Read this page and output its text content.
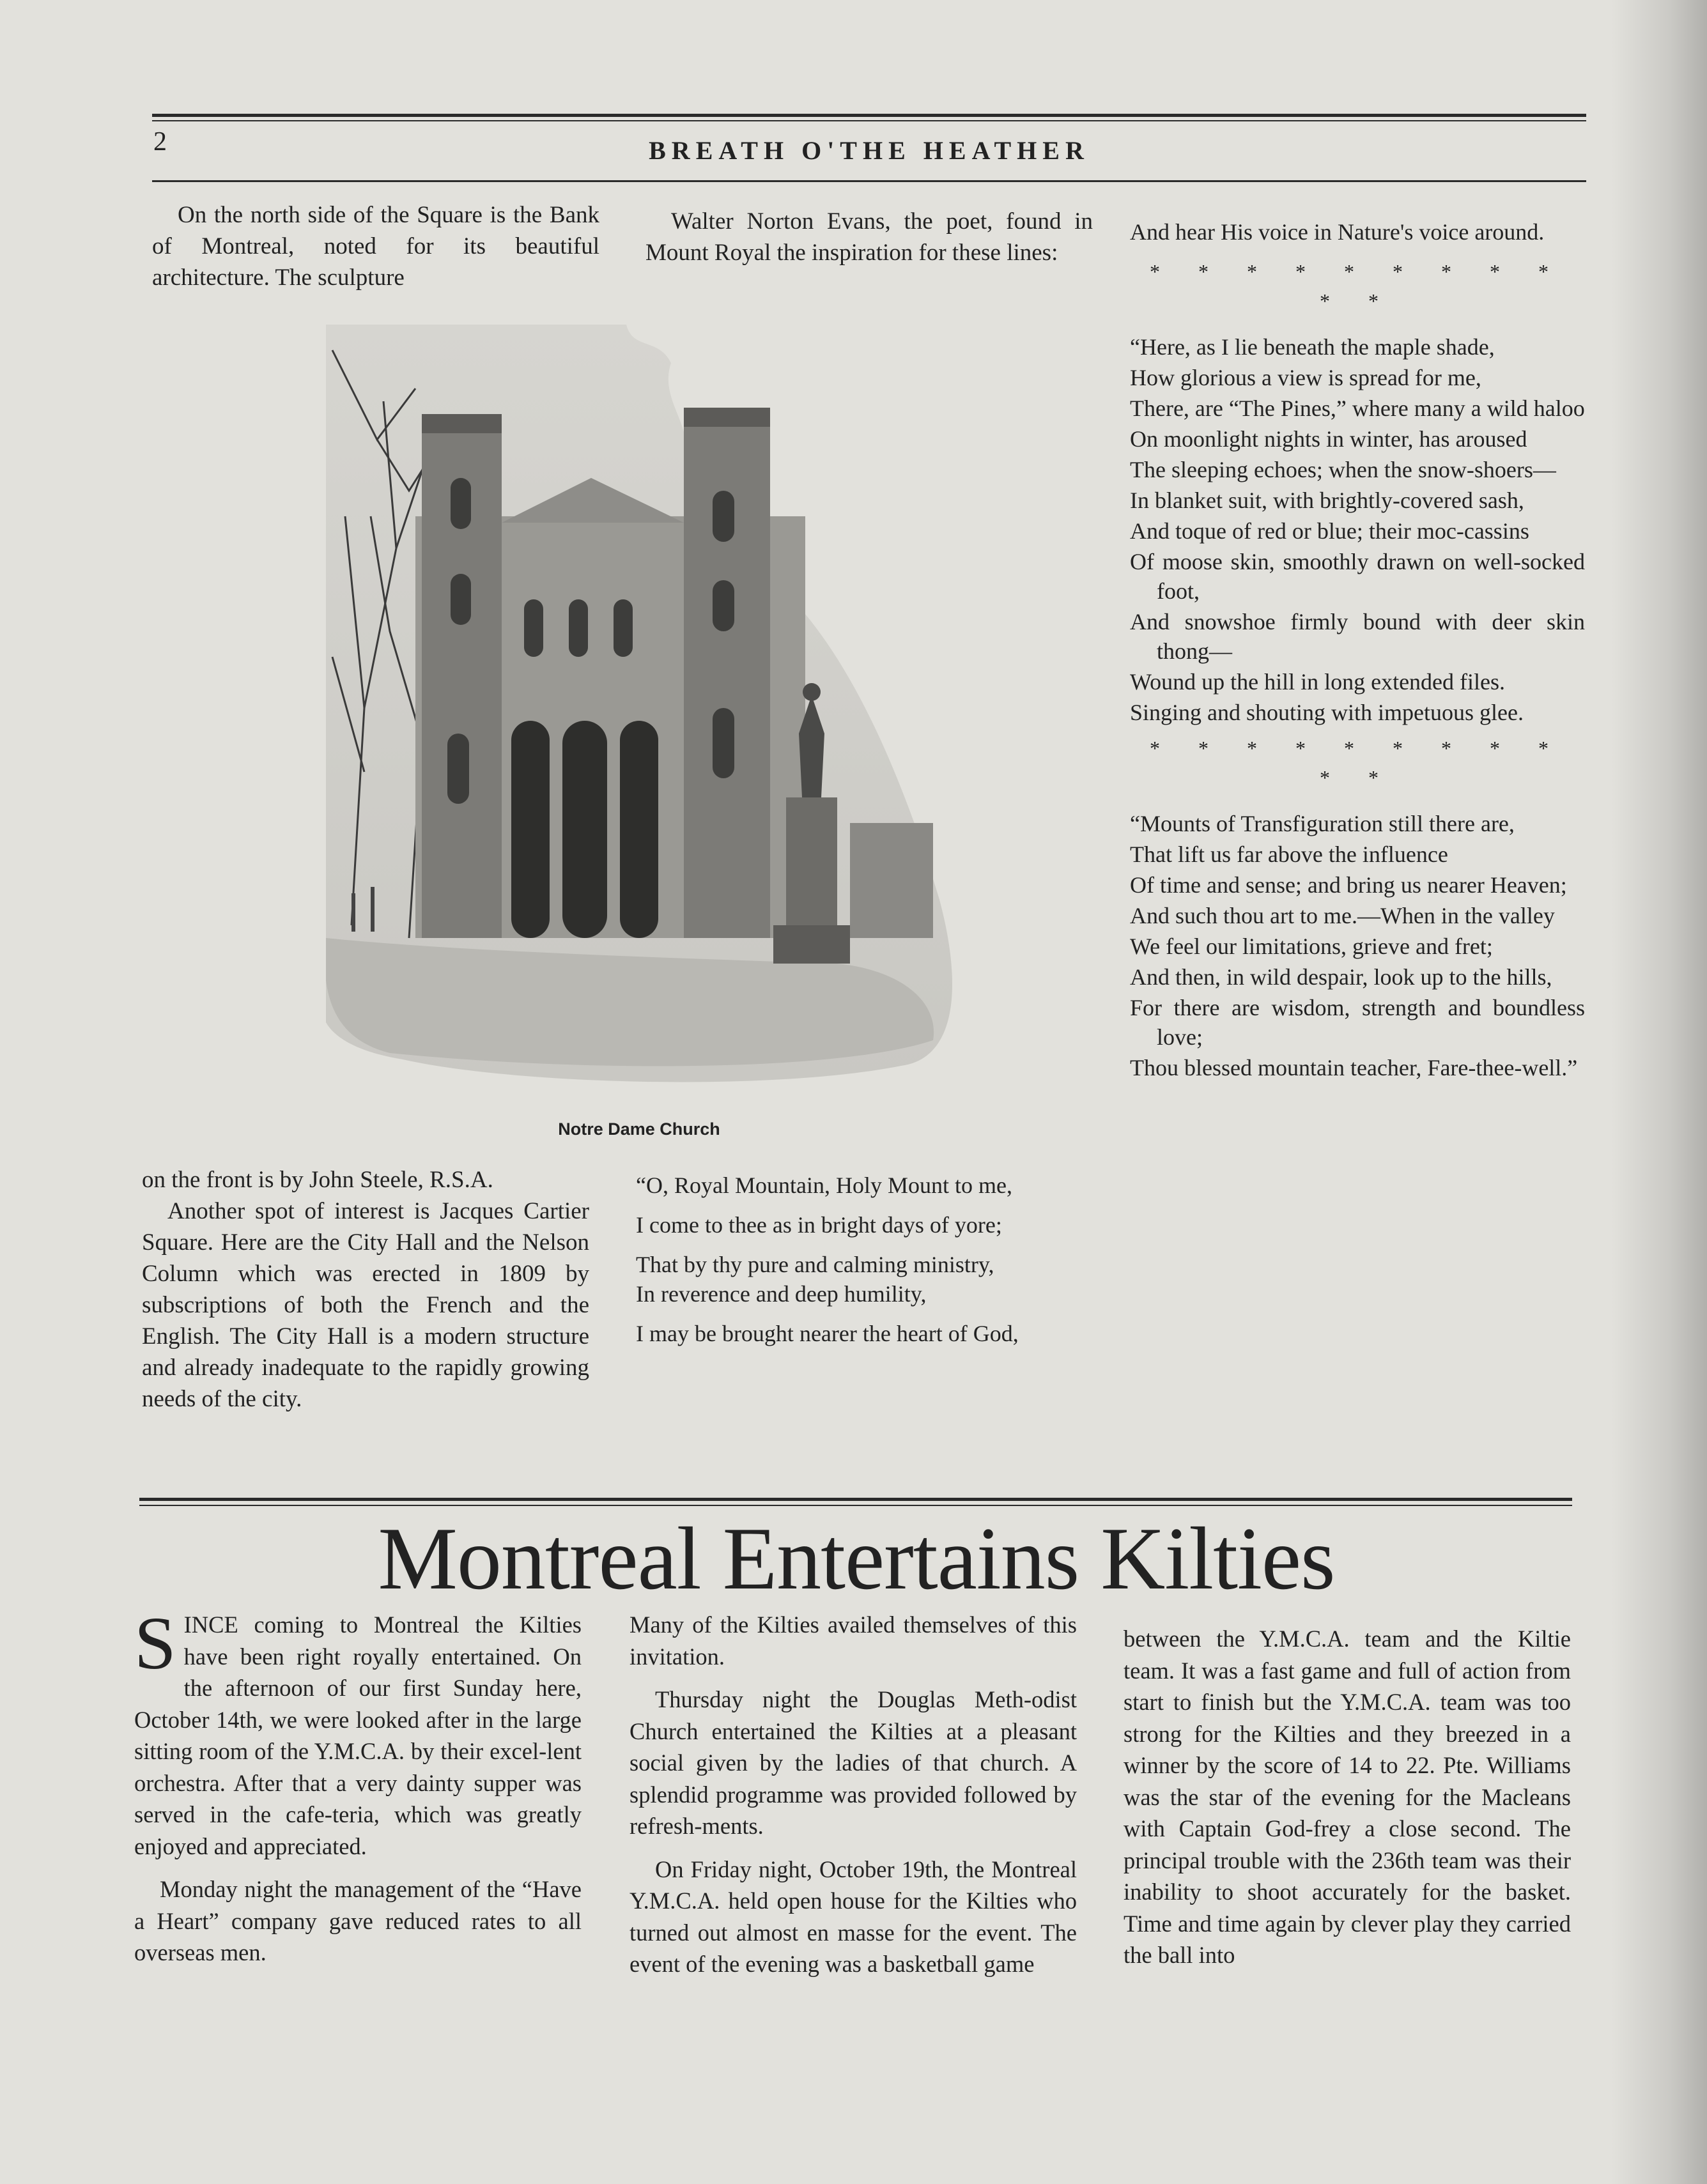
2	BREATH O'THE HEATHER

On the north side of the Square is the Bank of Montreal, noted for its beautiful architecture. The sculpture

Walter Norton Evans, the poet, found in Mount Royal the inspiration for these lines:

Notre Dame Church

on the front is by John Steele, R.S.A.

Another spot of interest is Jacques Cartier Square. Here are the City Hall and the Nelson Column which was erected in 1809 by subscriptions of both the French and the English. The City Hall is a modern structure and already inadequate to the rapidly growing needs of the city.

“O, Royal Mountain, Holy Mount to me,

I come to thee as in bright days of yore;

That by thy pure and calming ministry,

In reverence and deep humility,

I may be brought nearer the heart of God,

And hear His voice in Nature's voice around.

* * * * * * * * * * *

“Here, as I lie beneath the maple shade,

How glorious a view is spread for me,

There, are “The Pines,” where many a wild haloo

On moonlight nights in winter, has aroused

The sleeping echoes; when the snow-shoers—

In blanket suit, with brightly-covered sash,

And toque of red or blue; their moc-cassins

Of moose skin, smoothly drawn on well-socked foot,

And snowshoe firmly bound with deer skin thong—

Wound up the hill in long extended files.

Singing and shouting with impetuous glee.

* * * * * * * * * * *

“Mounts of Transfiguration still there are,

That lift us far above the influence

Of time and sense; and bring us nearer Heaven;

And such thou art to me.—When in the valley

We feel our limitations, grieve and fret;

And then, in wild despair, look up to the hills,

For there are wisdom, strength and boundless love;

Thou blessed mountain teacher, Fare-thee-well.”

Montreal Entertains Kilties

SINCE coming to Montreal the Kilties have been right royally entertained. On the afternoon of our first Sunday here, October 14th, we were looked after in the large sitting room of the Y.M.C.A. by their excel-lent orchestra. After that a very dainty supper was served in the cafe-teria, which was greatly enjoyed and appreciated.

Monday night the management of the “Have a Heart” company gave reduced rates to all overseas men.

Many of the Kilties availed themselves of this invitation.

Thursday night the Douglas Meth-odist Church entertained the Kilties at a pleasant social given by the ladies of that church. A splendid programme was provided followed by refresh-ments.

On Friday night, October 19th, the Montreal Y.M.C.A. held open house for the Kilties who turned out almost en masse for the event. The event of the evening was a basketball game

between the Y.M.C.A. team and the Kiltie team. It was a fast game and full of action from start to finish but the Y.M.C.A. team was too strong for the Kilties and they breezed in a winner by the score of 14 to 22. Pte. Williams was the star of the evening for the Macleans with Captain God-frey a close second. The principal trouble with the 236th team was their inability to shoot accurately for the basket. Time and time again by clever play they carried the ball into
